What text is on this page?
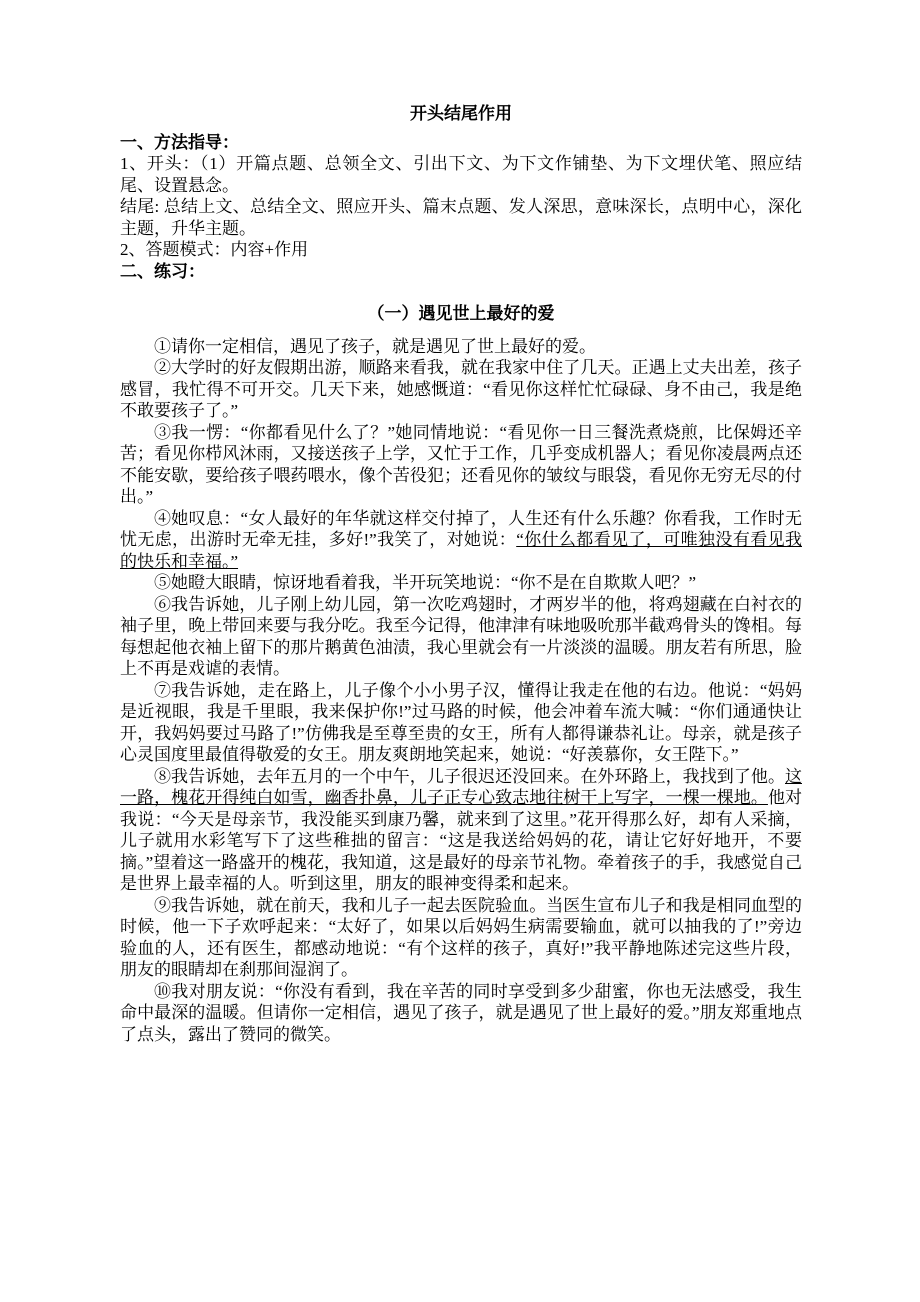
开头结尾作用

一、方法指导：

1、开头：（1）开篇点题、总领全文、引出下文、为下文作铺垫、为下文埋伏笔、照应结尾、设置悬念。

结尾: 总结上文、总结全文、照应开头、篇末点题、发人深思，意味深长，点明中心，深化主题，升华主题。

2、答题模式：内容+作用

二、练习：

（一）遇见世上最好的爱

①请你一定相信，遇见了孩子，就是遇见了世上最好的爱。

②大学时的好友假期出游，顺路来看我，就在我家中住了几天。正遇上丈夫出差，孩子感冒，我忙得不可开交。几天下来，她感慨道：“看见你这样忙忙碌碌、身不由己，我是绝不敢要孩子了。”

③我一愣：“你都看见什么了？”她同情地说：“看见你一日三餐洗煮烧煎，比保姆还辛苦；看见你栉风沐雨，又接送孩子上学，又忙于工作，几乎变成机器人；看见你凌晨两点还不能安歇，要给孩子喂药喂水，像个苦役犯；还看见你的皱纹与眼袋，看见你无穷无尽的付出。”

④她叹息：“女人最好的年华就这样交付掉了，人生还有什么乐趣？你看我，工作时无忧无虑，出游时无牵无挂，多好!”我笑了，对她说：“你什么都看见了，可唯独没有看见我的快乐和幸福。”

⑤她瞪大眼睛，惊讶地看着我，半开玩笑地说：“你不是在自欺欺人吧？”

⑥我告诉她，儿子刚上幼儿园，第一次吃鸡翅时，才两岁半的他，将鸡翅藏在白衬衣的袖子里，晚上带回来要与我分吃。我至今记得，他津津有味地吸吮那半截鸡骨头的馋相。每每想起他衣袖上留下的那片鹅黄色油渍，我心里就会有一片淡淡的温暖。朋友若有所思，脸上不再是戏谑的表情。

⑦我告诉她，走在路上，儿子像个小小男子汉，懂得让我走在他的右边。他说：“妈妈是近视眼，我是千里眼，我来保护你!”过马路的时候，他会冲着车流大喊：“你们通通快让开，我妈妈要过马路了!”仿佛我是至尊至贵的女王，所有人都得谦恭礼让。母亲，就是孩子心灵国度里最值得敬爱的女王。朋友爽朗地笑起来，她说：“好羡慕你，女王陛下。”

⑧我告诉她，去年五月的一个中午，儿子很迟还没回来。在外环路上，我找到了他。这一路，槐花开得纯白如雪，幽香扑鼻，儿子正专心致志地往树干上写字，一棵一棵地。他对我说：“今天是母亲节，我没能买到康乃馨，就来到了这里。”花开得那么好，却有人采摘，儿子就用水彩笔写下了这些稚拙的留言：“这是我送给妈妈的花，请让它好好地开，不要摘。”望着这一路盛开的槐花，我知道，这是最好的母亲节礼物。牵着孩子的手，我感觉自己是世界上最幸福的人。听到这里，朋友的眼神变得柔和起来。

⑨我告诉她，就在前天，我和儿子一起去医院验血。当医生宣布儿子和我是相同血型的时候，他一下子欢呼起来：“太好了，如果以后妈妈生病需要输血，就可以抽我的了!”旁边验血的人，还有医生，都感动地说：“有个这样的孩子，真好!”我平静地陈述完这些片段，朋友的眼睛却在刹那间湿润了。

⑩我对朋友说：“你没有看到，我在辛苦的同时享受到多少甜蜜，你也无法感受，我生命中最深的温暖。但请你一定相信，遇见了孩子，就是遇见了世上最好的爱。”朋友郑重地点了点头，露出了赞同的微笑。
